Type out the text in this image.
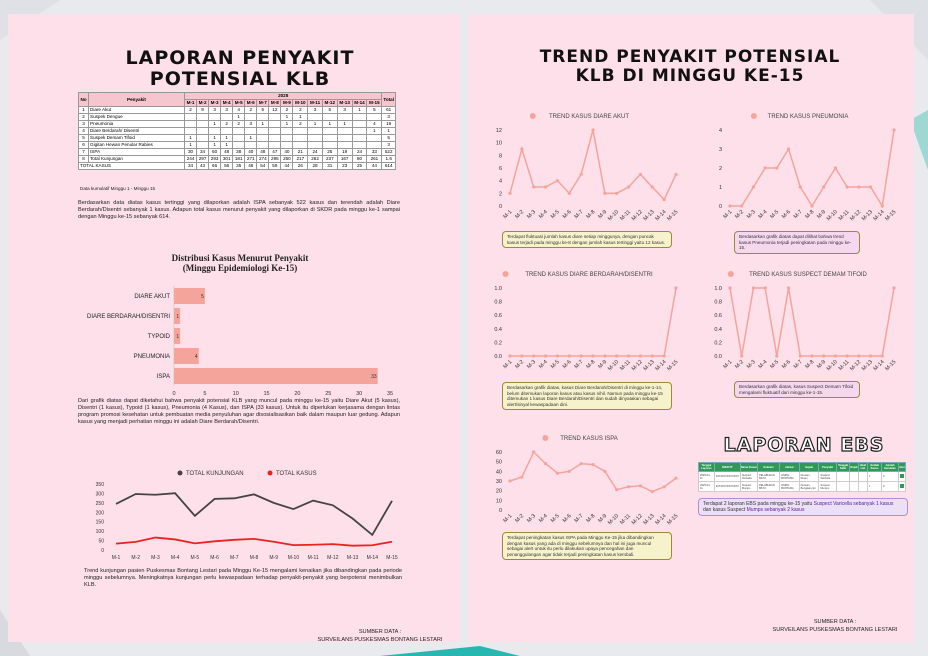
LAPORAN PENYAKIT
POTENSIAL KLB
No	Penyakit	2025															Total
		M-1	M-2	M-3	M-4	M-5	M-6	M-7	M-8	M-9	M-10	M-11	M-12	M-13	M-14	M-15	
1	Diare Akut	2	9	3	3	4	2	5	12	2	2	3	5	3	1	5	61
2	Suspek Dengue					1				1	1						3
3	Pneumonia			1	2	2	3	1		1	2	1	1	1		4	19
4	Diare Berdarah/ Disentri															1	1
5	Suspek Demam Tifoid	1		1	1		1										5
6	Gigitan Hewan Penular Rabies	1		1	1												3
7	ISPA	30	34	60	48	38	40	48	47	40	21	24	25	19	24	33	522
8	Total Kunjungan	244	297	293	301	181	271	274	295	250	217	262	237	167	80	261	1.6
TOTAL KASUS		34	43	66	56	35	46	54	59	44	26	28	31	23	25	44	614
Data kumulatif Minggu 1 - Minggu 15
Berdasarkan data diatas kasus tertinggi yang dilaporkan adalah ISPA sebanyak 522 kasus dan terendah adalah Diare Berdarah/Disentri sebanyak 1 kasus. Adapun total kasus menurut penyakit yang dilaporkan di SKDR pada minggu ke-1 sampai dengan Minggu ke-15 sebanyak 614.
Distribusi Kasus Menurut Penyakit
(Minggu Epidemiologi Ke-15)
DIARE AKUT	5
DIARE BERDARAH/DISENTRI 1
TYPOID 1
PNEUMONIA	4
ISPA	33
0	5	10	15	20	25	30	35
Dari grafik diatas dapat diketahui bahwa penyakit potensial KLB yang muncul pada minggu ke-15 yaitu Diare Akut (5 kasus), Disentri (1 kasus), Typoid (1 kasus), Pneumonia (4 Kasus), dan ISPA (33 kasus). Untuk itu diperlukan kerjasama dengan lintas program promosi kesehatan untuk pembuatan media penyuluhan agar disosialisasikan baik dalam maupun luar gedung. Adapun kasus yang menjadi perhatian minggu ini adalah Diare Berdarah/Disentri.
0
50
100
150
200
250
300
350
M-1 M-2 M-3 M-4 M-5 M-6 M-7 M-8 M-9 M-10 M-11 M-12 M-13 M-14 M-15
TOTAL KUNJUNGAN	TOTAL KASUS
Trend kunjungan pasien Puskesmas Bontang Lestari pada Minggu Ke-15 mengalami kenaikan jika dibandingkan pada periode minggu sebelumnya. Meningkatnya kunjungan perlu kewaspadaan terhadap penyakit-penyakit yang berpotensi menimbulkan KLB.
SUMBER DATA :
SURVEILANS PUSKESMAS BONTANG LESTARI
TREND PENYAKIT POTENSIAL
KLB DI MINGGU KE-15
TREND KASUS DIARE AKUT
0
2
4
6
8
10
12
M-1 M-2 M-3 M-4 M-5 M-6 M-7 M-8 M-9
M-10 M-11
M-12
M-13
M-14
M-15
TREND KASUS PNEUMONIA
0
1
2
3
4
M-1 M-2 M-3 M-4 M-5 M-6 M-7 M-8 M-9
M-10
M-11
M-12
M-13
M-14
M-15
TREND KASUS DIARE BERDARAH/DISENTRI
0.0
0.2
0.4
0.6
0.8
1.0
M-1 M-2 M-3 M-4 M-5 M-6 M-7 M-8 M-9
M-10 M-11
M-12
M-13
M-14
M-15
TREND KASUS SUSPECT DEMAM TIFOID
0.0
0.2
0.4
0.6
0.8
1.0
M-1 M-2 M-3 M-4 M-5 M-6 M-7 M-8 M-9
M-10
M-11
M-12
M-13
M-14
M-15
TREND KASUS ISPA
0
10
20
30
40
50
60
M-1 M-2 M-3 M-4 M-5 M-6 M-7 M-8 M-9
M-10 M-11
M-12
M-13
M-14
M-15
Terdapat fluktuasi jumlah kasus diare setiap minggunya, dengan puncak kasus terjadi pada minggu ke-8 dengan jumlah kasus tertinggi yaitu 12 kasus.
Berdasarkan grafik diatas dapat dilihat bahwa trend kasus Pneumonia terjadi peningkatan pada minggu ke-15.
Berdasarkan grafik diatas, kasus Diare Berdarah/Disentri di minggu ke-1-14, belum ditemukan laporan kasus atau kasus nihil. Namun pada minggu ke-15 ditemukan 1 kasus Diare Berdarah/Disentri dan sudah dinyatakan sebagai alert/sinyal kewaspadaan dini.
Berdasarkan grafik diatas, kasus Suspect Demam Tifoid mengalami fluktuatif dari minggu ke-1-15.
Terdapat peningkatan kasus ISPA pada Minggu Ke-15 jika dibandingkan dengan kasus yang ada di minggu sebelumnya dan hal ini juga muncul sebagai alert untuk itu perlu dilakukan upaya pencegahan dan penanggulangan agar tidak terjadi peningkatan kasus kembali.
LAPORAN EBS
Tanggal Laporan	NIK/KTP	Nama Pasien	Kelamin	Alamat	Gejala	Penyakit	Tanggal Sakit	Rujuk	Hasil Lab	Jumlah Kasus	Jumlah Kematian	Aksi
2025-04-11	6474XXXXXXXXXX	Suspect Varicella	PELABUHAN BATU	LIMPAI BONTANG	Demam, Ruam	Suspect Varicella				1	0	
2025-04-11	6474XXXXXXXXXX	Suspect Mumps	PELABUHAN BATU	LIMPAI BONTANG	Demam, Bengkak pipi	Suspect Mumps				1	0	
Terdapat 2 laporan EBS pada minggu ke-15 yaitu Suspect Varicella sebanyak 1 kasus dan kasus Suspect Mumps sebanyak 2 kasus
SUMBER DATA :
SURVEILANS PUSKESMAS BONTANG LESTARI
